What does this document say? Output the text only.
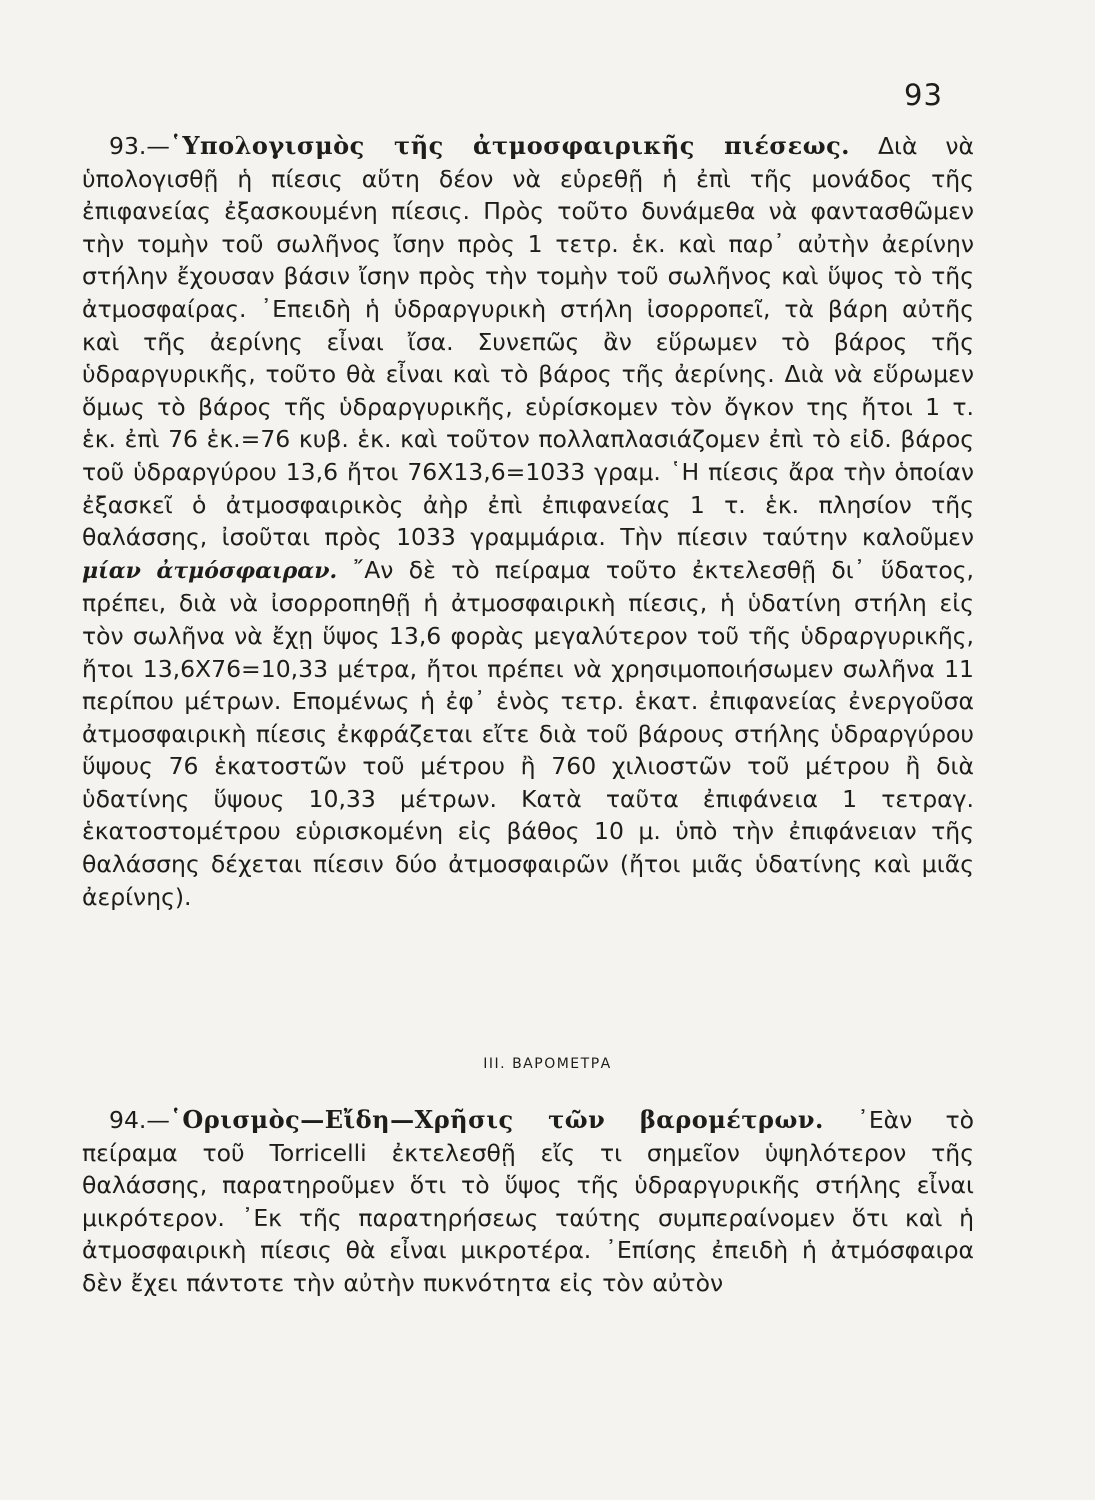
93

93.—῾Υπολογισμὸς τῆς ἀτμοσφαιρικῆς πιέσεως. Διὰ νὰ ὑπολογισθῇ ἡ πίεσις αὕτη δέον νὰ εὑρεθῇ ἡ ἐπὶ τῆς μονάδος τῆς ἐπιφανείας ἐξασκουμένη πίεσις. Πρὸς τοῦτο δυνάμεθα νὰ φαντασθῶμεν τὴν τομὴν τοῦ σωλῆνος ἴσην πρὸς 1 τετρ. ἑκ. καὶ παρ᾽ αὐτὴν ἀερίνην στήλην ἔχουσαν βάσιν ἴσην πρὸς τὴν τομὴν τοῦ σωλῆνος καὶ ὕψος τὸ τῆς ἀτμοσφαίρας. ᾽Επειδὴ ἡ ὑδραργυρικὴ στήλη ἰσορροπεῖ, τὰ βάρη αὐτῆς καὶ τῆς ἀερίνης εἶναι ἴσα. Συνεπῶς ἂν εὕρωμεν τὸ βάρος τῆς ὑδραργυρικῆς, τοῦτο θὰ εἶναι καὶ τὸ βάρος τῆς ἀερίνης. Διὰ νὰ εὕρωμεν ὅμως τὸ βάρος τῆς ὑδραργυρικῆς, εὑρίσκομεν τὸν ὄγκον της ἤτοι 1 τ. ἑκ. ἐπὶ 76 ἑκ.=76 κυβ. ἑκ. καὶ τοῦτον πολλαπλασιάζομεν ἐπὶ τὸ εἰδ. βάρος τοῦ ὑδραργύρου 13,6 ἤτοι 76Χ13,6=1033 γραμ. ῾Η πίεσις ἄρα τὴν ὁποίαν ἐξασκεῖ ὁ ἀτμοσφαιρικὸς ἀὴρ ἐπὶ ἐπιφανείας 1 τ. ἑκ. πλησίον τῆς θαλάσσης, ἰσοῦται πρὸς 1033 γραμμάρια. Τὴν πίεσιν ταύτην καλοῦμεν μίαν ἀτμόσφαιραν. ῎Αν δὲ τὸ πείραμα τοῦτο ἐκτελεσθῇ δι᾽ ὕδατος, πρέπει, διὰ νὰ ἰσορροπηθῇ ἡ ἀτμοσφαιρικὴ πίεσις, ἡ ὑδατίνη στήλη εἰς τὸν σωλῆνα νὰ ἔχῃ ὕψος 13,6 φορὰς μεγαλύτερον τοῦ τῆς ὑδραργυρικῆς, ἤτοι 13,6Χ76=10,33 μέτρα, ἤτοι πρέπει νὰ χρησιμοποιήσωμεν σωλῆνα 11 περίπου μέτρων. Επομένως ἡ ἐφ᾽ ἑνὸς τετρ. ἑκατ. ἐπιφανείας ἐνεργοῦσα ἀτμοσφαιρικὴ πίεσις ἐκφράζεται εἴτε διὰ τοῦ βάρους στήλης ὑδραργύρου ὕψους 76 ἑκατοστῶν τοῦ μέτρου ἢ 760 χιλιοστῶν τοῦ μέτρου ἢ διὰ ὑδατίνης ὕψους 10,33 μέτρων. Κατὰ ταῦτα ἐπιφάνεια 1 τετραγ. ἑκατοστομέτρου εὑρισκομένη εἰς βάθος 10 μ. ὑπὸ τὴν ἐπιφάνειαν τῆς θαλάσσης δέχεται πίεσιν δύο ἀτμοσφαιρῶν (ἤτοι μιᾶς ὑδατίνης καὶ μιᾶς ἀερίνης).

ΙΙΙ. ΒΑΡΟΜΕΤΡΑ

94.—῾Ορισμὸς—Εἴδη—Χρῆσις τῶν βαρομέτρων. ᾽Εὰν τὸ πείραμα τοῦ Torricelli ἐκτελεσθῇ εἴς τι σημεῖον ὑψηλότερον τῆς θαλάσσης, παρατηροῦμεν ὅτι τὸ ὕψος τῆς ὑδραργυρικῆς στήλης εἶναι μικρότερον. ᾽Εκ τῆς παρατηρήσεως ταύτης συμπεραίνομεν ὅτι καὶ ἡ ἀτμοσφαιρικὴ πίεσις θὰ εἶναι μικροτέρα. ᾽Επίσης ἐπειδὴ ἡ ἀτμόσφαιρα δὲν ἔχει πάντοτε τὴν αὐτὴν πυκνότητα εἰς τὸν αὐτὸν
